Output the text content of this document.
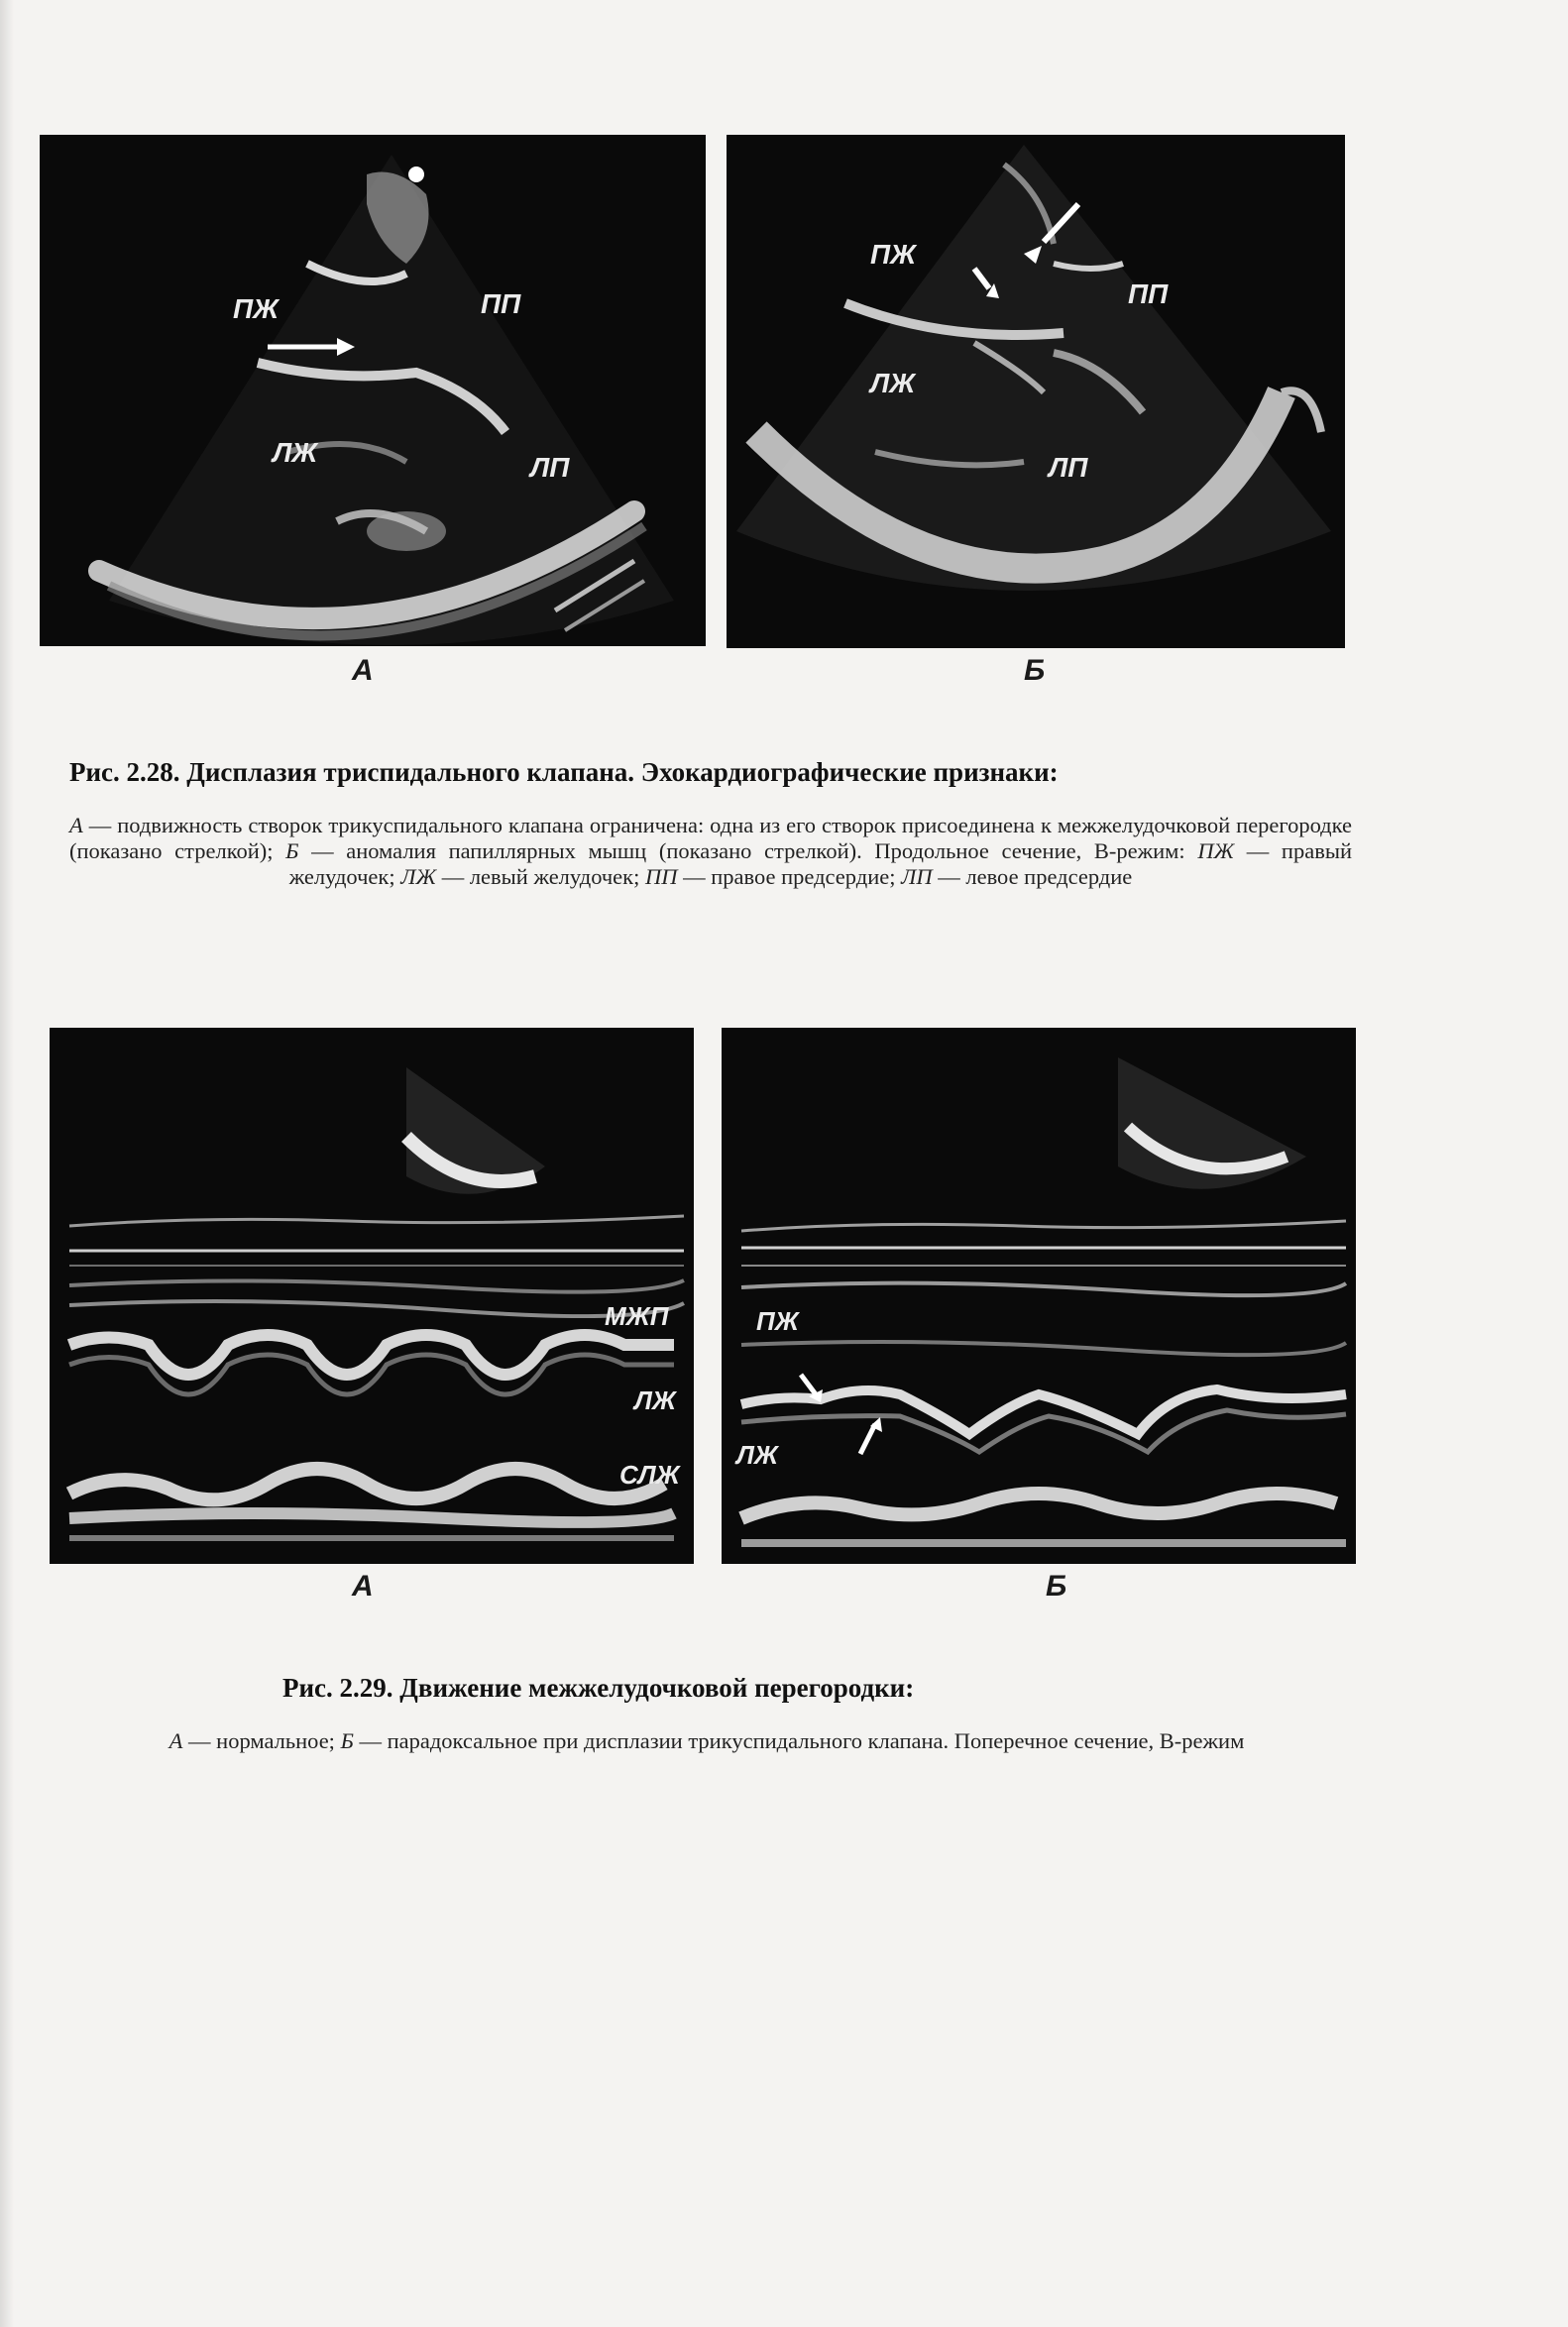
ПЖ	ПП
ЛЖ	ЛП
А
ПЖ
ПП
ЛЖ
ЛП
Б
Рис. 2.28. Дисплазия триспидального клапана. Эхокардиографические признаки:
А — подвижность створок трикуспидального клапана ограничена: одна из его створок присоединена к межжелудочковой перегородке (показано стрелкой); Б — аномалия папиллярных мышц (показано стрелкой). Продольное сечение, В-режим: ПЖ — правый желудочек; ЛЖ — левый желудочек; ПП — правое предсердие; ЛП — левое предсердие
МЖП
ЛЖ
СЛЖ
А
ПЖ
ЛЖ
Б
Рис. 2.29. Движение межжелудочковой перегородки:
А — нормальное; Б — парадоксальное при дисплазии трикуспидального клапана. Поперечное сечение, В-режим
